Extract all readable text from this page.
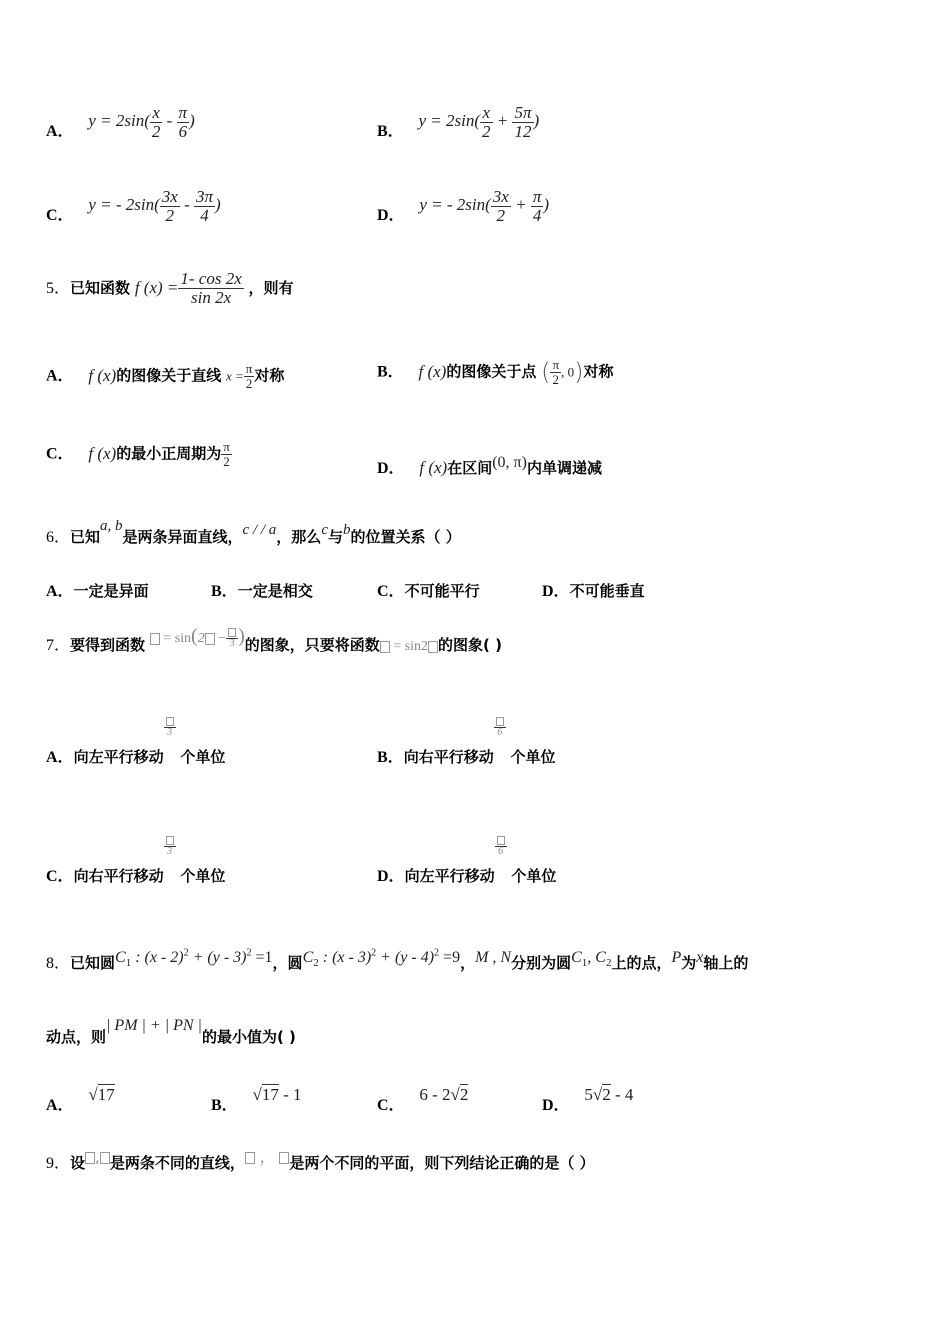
A． $y = 2\sin( \frac{x}{2} - \frac{\pi}{6}$ )
B． $y = 2\sin( \frac{x}{2} + \frac{5\pi}{12}$ )
C． y = - $2\sin( \frac{3x}{2} - \frac{3\pi}{4}$ )
D． y = - $2\sin( \frac{3x}{2} + \frac{\pi}{4}$ )
5．已知函数 f $(x) = \frac{1- \cos 2x}{\sin 2x}$ ，则有
A． f (x)的图像关于直线 $x = \frac{\pi}{2}$ 对称	B． f (x)的图像关于点 ( $\frac{\pi}{2}$ , 0)对称
C． f (x)的最小正周期为 $\frac{\pi}{2}$
D． f (x)在区间(0, π)内单调递减
6．已知a, b是两条异面直线，c / / a，那么c与b的位置关系（ ）
A．一定是异面	B．一定是相交	C．不可能平行	D．不可能垂直
7．要得到函数 = sin(2 − 3 )的图象，只要将函数 = sin2 的图象( )
A．向左平行移动
3
个单位	B．向右平行移动
6
个单位
C．向右平行移动
3
个单位	D．向左平行移动
6
个单位
8．已知圆$C_1$ : (x - 2)$^2$ + (y - 3)$^2$ =1，圆$C_2$ : (x - 3)$^2$ + (y - 4)$^2$ =9，M , N分别为圆$C_1$, $C_2$上的点，P为x轴上的
动点，则| PM | + | PN |的最小值为( )
A． √17
B． √17 - 1
C． 6 - 2√2
D． 5√2 - 4
9．设 , 是两条不同的直线， ， 是两个不同的平面，则下列结论正确的是（ ）
